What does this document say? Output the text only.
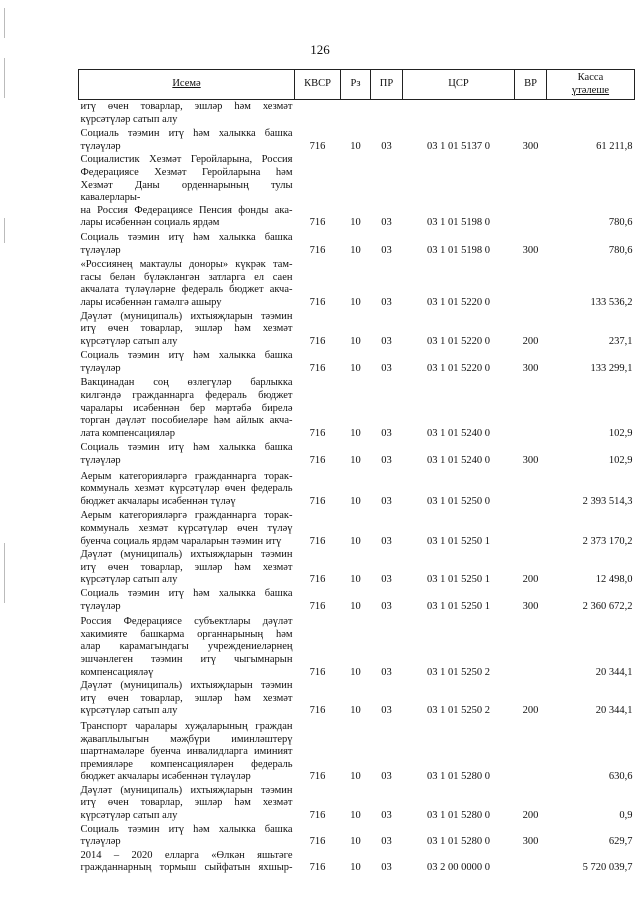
126
Исемә	КВСР	Рз	ПР	ЦСР	ВР	Касса
үтәлеше

итү өчен товарлар, эшләр һәм хезмәт
күрсәтүләр сатып алу						

Социаль тәэмин итү һәм халыкка башка
түләүләр	716	10	03	03 1 01 5137 0	300	61 211,8

Социалистик Хезмәт Геройларына, Россия
Федерациясе Хезмәт Геройларына һәм
Хезмәт Даны орденнарының тулы кавалерлары-
на Россия Федерациясе Пенсия фонды ака-
лары исәбеннән социаль ярдәм	716	10	03	03 1 01 5198 0		780,6

Социаль тәэмин итү һәм халыкка башка
түләүләр	716	10	03	03 1 01 5198 0	300	780,6

«Россиянең мактаулы доноры» күкрәк там-
гасы белән бүләкләнгән затларга ел саен
акчалата түләүләрне федераль бюджет акча-
лары исәбеннән гамәлгә ашыру	716	10	03	03 1 01 5220 0		133 536,2

Дәүләт (муниципаль) ихтыяҗларын тәэмин
итү өчен товарлар, эшләр һәм хезмәт
күрсәтүләр сатып алу	716	10	03	03 1 01 5220 0	200	237,1

Социаль тәэмин итү һәм халыкка башка
түләүләр	716	10	03	03 1 01 5220 0	300	133 299,1

Вакцинадан соң өзлегүләр барлыкка
килгәндә гражданнарга федераль бюджет
чаралары исәбеннән бер мәртәбә бирелә
торган дәүләт пособиеләре һәм айлык акча-
лата компенсацияләр	716	10	03	03 1 01 5240 0		102,9

Социаль тәэмин итү һәм халыкка башка
түләүләр	716	10	03	03 1 01 5240 0	300	102,9

Аерым категорияләргә гражданнарга торак-
коммуналь хезмәт күрсәтүләр өчен федераль
бюджет акчалары исәбеннән түләү	716	10	03	03 1 01 5250 0		2 393 514,3

Аерым категорияләргә гражданнарга торак-
коммуналь хезмәт күрсәтүләр өчен түләү
буенча социаль ярдәм чараларын тәэмин итү	716	10	03	03 1 01 5250 1		2 373 170,2

Дәүләт (муниципаль) ихтыяҗларын тәэмин
итү өчен товарлар, эшләр һәм хезмәт
күрсәтүләр сатып алу	716	10	03	03 1 01 5250 1	200	12 498,0

Социаль тәэмин итү һәм халыкка башка
түләүләр	716	10	03	03 1 01 5250 1	300	2 360 672,2

Россия Федерациясе субъектлары дәүләт
хакимияте башкарма органнарының һәм
алар карамагындагы учреждениеләрнең
эшчәнлеген тәэмин итү чыгымнарын
компенсацияләү	716	10	03	03 1 01 5250 2		20 344,1

Дәүләт (муниципаль) ихтыяҗларын тәэмин
итү өчен товарлар, эшләр һәм хезмәт
күрсәтүләр сатып алу	716	10	03	03 1 01 5250 2	200	20 344,1

Транспорт чаралары хуҗаларының граждан
җаваплылыгын мәҗбүри иминләштерү
шартнамәләре буенча инвалидларга иминият
премияләре компенсацияләрен федераль
бюджет акчалары исәбеннән түләүләр	716	10	03	03 1 01 5280 0		630,6

Дәүләт (муниципаль) ихтыяҗларын тәэмин
итү өчен товарлар, эшләр һәм хезмәт
күрсәтүләр сатып алу	716	10	03	03 1 01 5280 0	200	0,9

Социаль тәэмин итү һәм халыкка башка
түләүләр	716	10	03	03 1 01 5280 0	300	629,7

2014 – 2020 елларга «Өлкән яшьтәге
гражданнарның тормыш сыйфатын яхшыр-	716	10	03	03 2 00 0000 0		5 720 039,7
